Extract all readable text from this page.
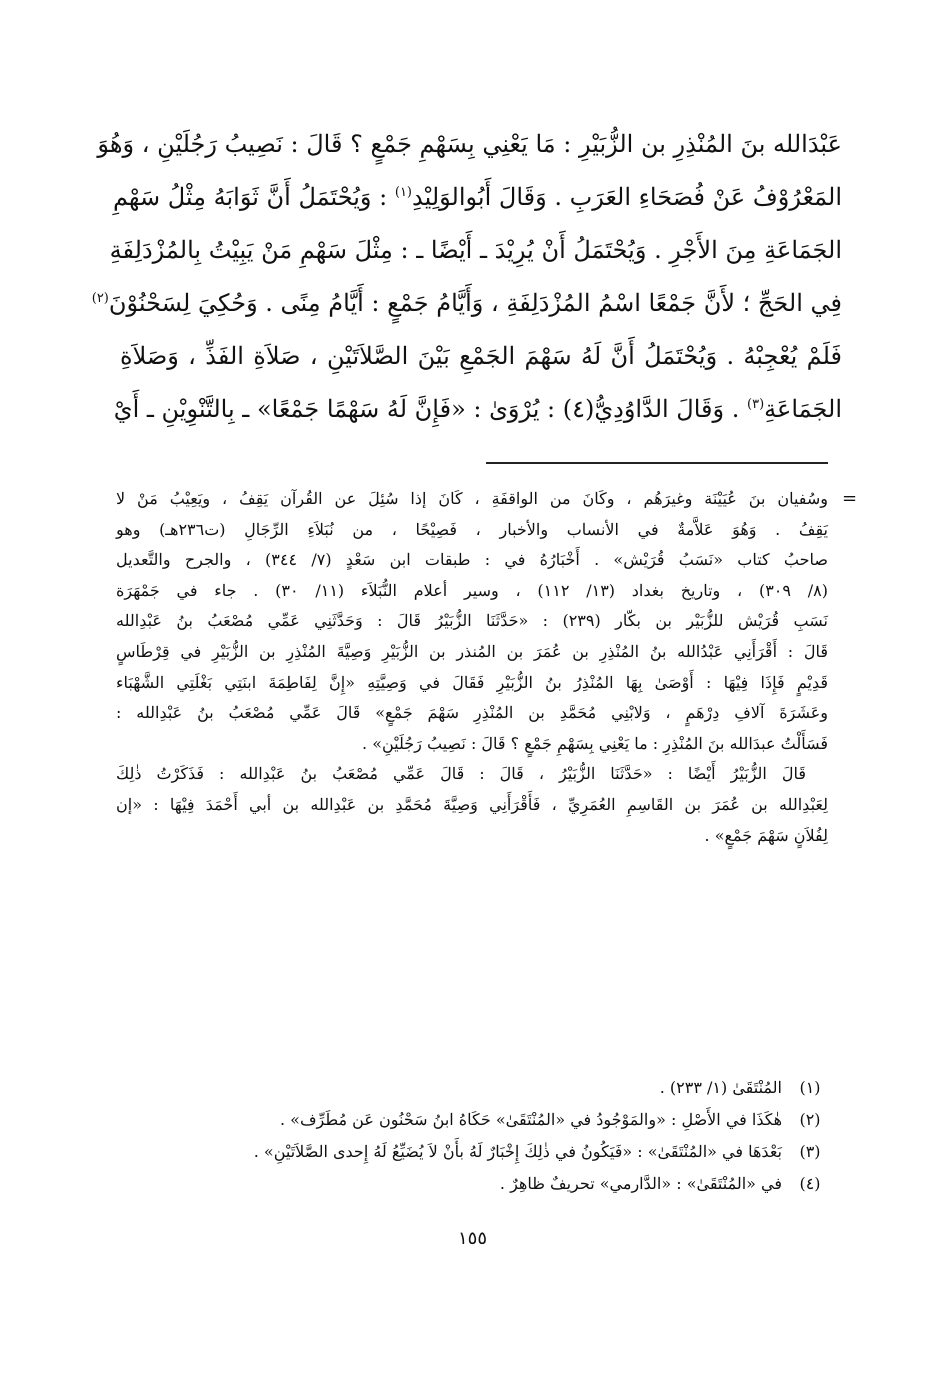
عَبْدَالله بنَ المُنْذِرِ بن الزُّبَيْرِ : مَا يَعْنِي بِسَهْمِ جَمْعٍ ؟ قَالَ : نَصِيبُ رَجُلَيْنِ ، وَهُوَ
المَعْرُوْفُ عَنْ فُصَحَاءِ العَرَبِ . وَقَالَ أَبُوالوَلِيْدِ$^{(١)}$ : وَيُحْتَمَلُ أَنَّ ثَوَابَهُ مِثْلُ سَهْمِ
الجَمَاعَةِ مِنَ الأَجْرِ . وَيُحْتَمَلُ أَنْ يُرِيْدَ ـ أَيْضًا ـ : مِثْلَ سَهْمِ مَنْ يَبِيْتُ بِالمُزْدَلِفَةِ
فِي الحَجِّ ؛ لأَنَّ جَمْعًا اسْمُ المُزْدَلِفَةِ ، وَأَيَّامُ جَمْعٍ : أَيَّامُ مِنًى . وَحُكِيَ لِسَحْنُوْنَ$^{(٢)}$
فَلَمْ يُعْجِبْهُ . وَيُحْتَمَلُ أَنَّ لَهُ سَهْمَ الجَمْعِ بَيْنَ الصَّلاَتَيْنِ ، صَلاَةِ الفَذِّ ، وَصَلاَةِ
الجَمَاعَةِ$^{(٣)}$ . وَقَالَ الدَّاوُدِيُّ(٤) : يُرْوَىٰ : «فَإِنَّ لَهُ سَهْمًا جَمْعًا» ـ بِالتَّنْوِيْنِ ـ أَيْ
=
وسُفيان بنَ عُيَيْنَة وغيرَهُم ، وكَانَ من الواقفَةِ ، كَانَ إذا سُئِلَ عن القُرآن يَقِفُ ، ويَعِيْبُ مَنْ لا
يَقِفُ . وَهُوَ عَلاَّمةٌ في الأنساب والأخبار ، فَصِيْحًا ، من نُبَلاَءِ الرِّجَالِ (ت٢٣٦هـ) وهو
صاحبُ كتاب «نَسَبُ قُرَيْش» . أَخْبَارُهُ في : طبقات ابن سَعْدٍ (٧/ ٣٤٤) ، والجرح والتَّعديل
(٨/ ٣٠٩) ، وتاريخ بغداد (١٣/ ١١٢) ، وسير أعلام النُّبَلاَء (١١/ ٣٠) . جاء في جَمْهَرَة
نَسَبِ قُرَيْش للزُّبَيْر بن بكّار (٢٣٩) : «حَدَّثَنَا الزُّبَيْرُ قَالَ : وَحَدَّثَنِي عَمِّي مُصْعَبُ بنُ عَبْدِالله
قَالَ : أَقْرَأَنِي عَبْدُالله بنُ المُنْذِرِ بن عُمَرَ بن المُنذر بن الزُّبَيْرِ وَصِيَّةَ المُنْذِرِ بن الزُّبَيْرِ في قِرْطَاسٍ
قَدِيْمٍ فَإِذَا فِيْهَا : أَوْصَىٰ بِهَا المُنْذِرُ بنُ الزُّبَيْرِ فَقَالَ في وَصِيَّتِهِ «إِنَّ لِفَاطِمَةَ ابنَتِي بَغْلَتِي الشَّهْبَاء
وعَشَرَةَ آلافِ دِرْهَمٍ ، وَلابْنِي مُحَمَّدِ بن المُنْذِرِ سَهْمَ جَمْعٍ» قَالَ عَمِّي مُصْعَبُ بنُ عَبْدِالله :
فَسَأَلْتُ عبدَالله بنَ المُنْذِرِ : ما يَعْنِي بِسَهْمِ جَمْعٍ ؟ قَالَ : نَصِيبُ رَجُلَيْنِ» .
قَالَ الزُّبَيْرُ أَيْضًا : «حَدَّثَنَا الزُّبَيْرُ ، قَالَ : قَالَ عَمِّي مُصْعَبُ بنُ عَبْدِالله : فَذَكَرْتُ ذٰلِكَ
لِعَبْدِالله بن عُمَرَ بن القَاسِمِ العُمَرِيِّ ، فَأَقْرَأَنِي وَصِيَّةَ مُحَمَّدِ بن عَبْدِالله بن أبي أَحْمَدَ فِيْهَا : «إن
لِفُلاَنٍ سَهْمَ جَمْعٍ» .
(١)
المُنْتَقَىٰ (١/ ٢٣٣) .
(٢)
هٰكَذَا في الأَصْلِ : «والمَوْجُودُ في «المُنْتَقَىٰ» حَكَاهُ ابنُ سَحْنُون عَن مُطَرِّف» .
(٣)
بَعْدَهَا في «المُنْتَقَىٰ» : «فَيَكُونُ في ذٰلِكَ إِخْبَارٌ لَهُ بأَنْ لاَ يُضَيِّعُ لَهُ إِحدى الصَّلاَتَيْنِ» .
(٤)
في «المُنْتَقَىٰ» : «الدَّارمي» تحريفٌ ظاهِرٌ .
١٥٥
